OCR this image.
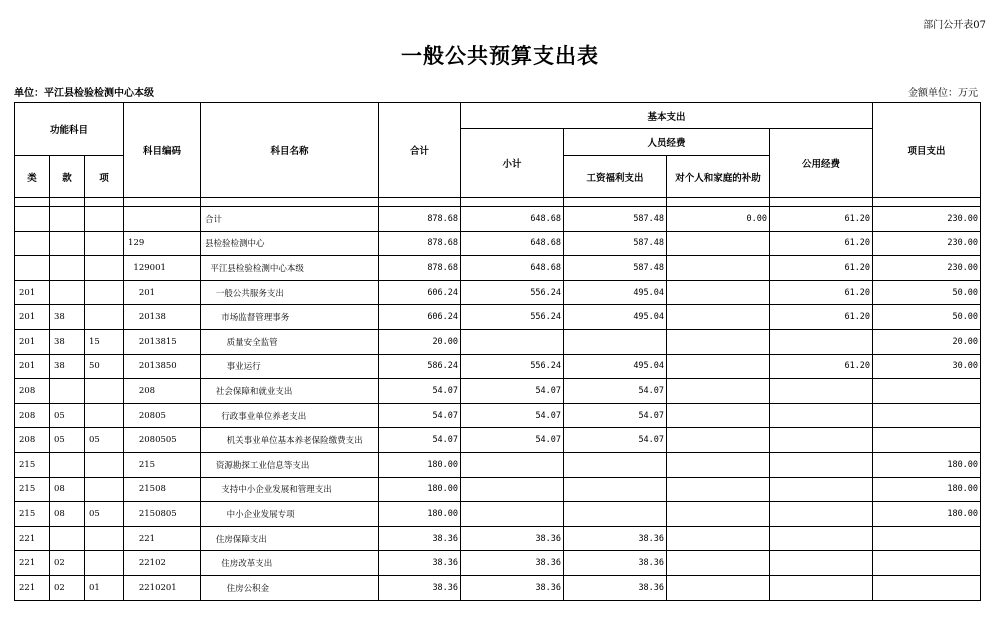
部门公开表07
一般公共预算支出表
单位：平江县检验检测中心本级	金额单位：万元
功能科目			科目编码	科目名称	合计	基本支出				项目支出
						小计	人员经费		公用经费	
类	款	项					工资福利支出	对个人和家庭的补助		

				合计	878.68	648.68	587.48	0.00	61.20	230.00
			129	县检验检测中心	878.68	648.68	587.48		61.20	230.00
			129001	平江县检验检测中心本级	878.68	648.68	587.48		61.20	230.00
201			201	一般公共服务支出	606.24	556.24	495.04		61.20	50.00
201	38		20138	市场监督管理事务	606.24	556.24	495.04		61.20	50.00
201	38	15	2013815	质量安全监管	20.00					20.00
201	38	50	2013850	事业运行	586.24	556.24	495.04		61.20	30.00
208			208	社会保障和就业支出	54.07	54.07	54.07			
208	05		20805	行政事业单位养老支出	54.07	54.07	54.07			
208	05	05	2080505	机关事业单位基本养老保险缴费支出	54.07	54.07	54.07			
215			215	资源勘探工业信息等支出	180.00					180.00
215	08		21508	支持中小企业发展和管理支出	180.00					180.00
215	08	05	2150805	中小企业发展专项	180.00					180.00
221			221	住房保障支出	38.36	38.36	38.36			
221	02		22102	住房改革支出	38.36	38.36	38.36			
221	02	01	2210201	住房公积金	38.36	38.36	38.36			
